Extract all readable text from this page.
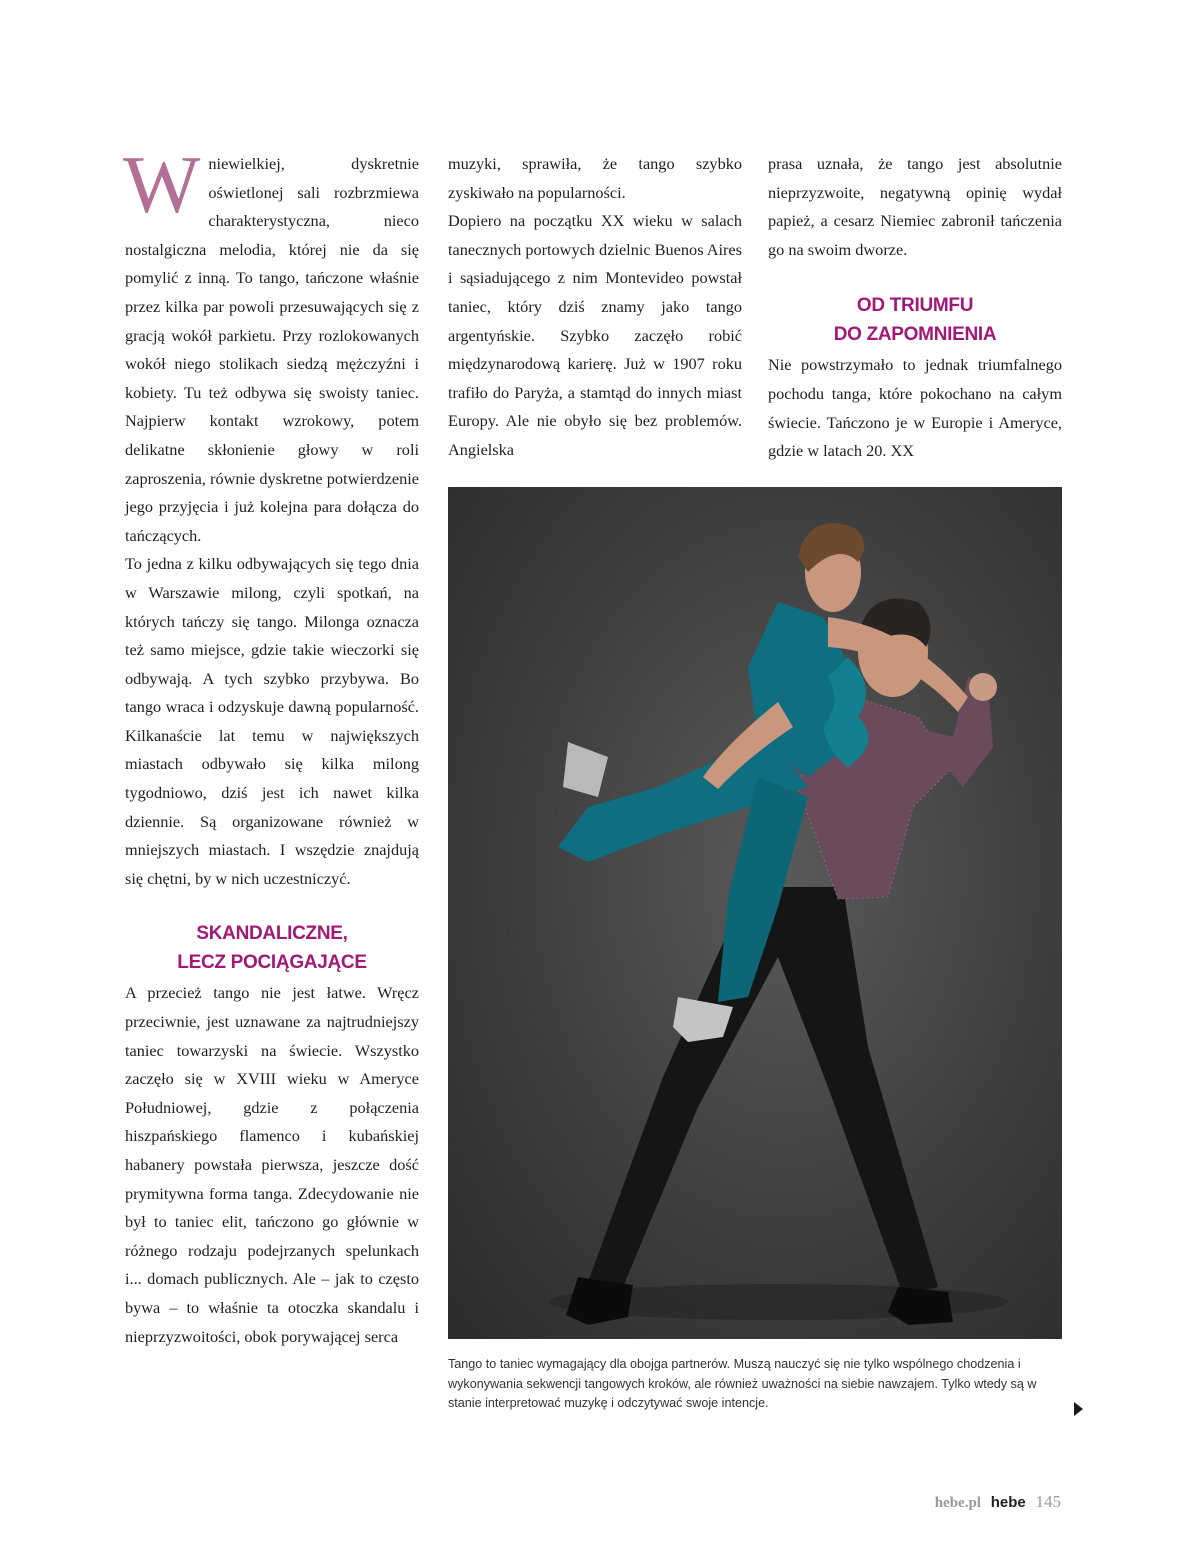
Wniewielkiej, dyskretnie oświetlonej sali rozbrzmiewa charakterystyczna, nieco nostalgiczna melodia, której nie da się pomylić z inną. To tango, tańczone właśnie przez kilka par powoli przesuwających się z gracją wokół parkietu. Przy rozlokowanych wokół niego stolikach siedzą mężczyźni i kobiety. Tu też odbywa się swoisty taniec. Najpierw kontakt wzrokowy, potem delikatne skłonienie głowy w roli zaproszenia, równie dyskretne potwierdzenie jego przyjęcia i już kolejna para dołącza do tańczących.

To jedna z kilku odbywających się tego dnia w Warszawie milong, czyli spotkań, na których tańczy się tango. Milonga oznacza też samo miejsce, gdzie takie wieczorki się odbywają. A tych szybko przybywa. Bo tango wraca i odzyskuje dawną popularność. Kilkanaście lat temu w największych miastach odbywało się kilka milong tygodniowo, dziś jest ich nawet kilka dziennie. Są organizowane również w mniejszych miastach. I wszędzie znajdują się chętni, by w nich uczestniczyć.

SKANDALICZNE,
LECZ POCIĄGAJĄCE

A przecież tango nie jest łatwe. Wręcz przeciwnie, jest uznawane za najtrudniejszy taniec towarzyski na świecie. Wszystko zaczęło się w XVIII wieku w Ameryce Południowej, gdzie z połączenia hiszpańskiego flamenco i kubańskiej habanery powstała pierwsza, jeszcze dość prymitywna forma tanga. Zdecydowanie nie był to taniec elit, tańczono go głównie w różnego rodzaju podejrzanych spelunkach i... domach publicznych. Ale – jak to często bywa – to właśnie ta otoczka skandalu i nieprzyzwoitości, obok porywającej serca

muzyki, sprawiła, że tango szybko zyskiwało na popularności.

Dopiero na początku XX wieku w salach tanecznych portowych dzielnic Buenos Aires i sąsiadującego z nim Montevideo powstał taniec, który dziś znamy jako tango argentyńskie. Szybko zaczęło robić międzynarodową karierę. Już w 1907 roku trafiło do Paryża, a stamtąd do innych miast Europy. Ale nie obyło się bez problemów. Angielska

prasa uznała, że tango jest absolutnie nieprzyzwoite, negatywną opinię wydał papież, a cesarz Niemiec zabronił tańczenia go na swoim dworze.

OD TRIUMFU
DO ZAPOMNIENIA

Nie powstrzymało to jednak triumfalnego pochodu tanga, które pokochano na całym świecie. Tańczono je w Europie i Ameryce, gdzie w latach 20. XX

Tango to taniec wymagający dla obojga partnerów. Muszą nauczyć się nie tylko wspólnego chodzenia i wykonywania sekwencji tangowych kroków, ale również uważności na siebie nawzajem. Tylko wtedy są w stanie interpretować muzykę i odczytywać swoje intencje.

hebe.pl hebe 145
